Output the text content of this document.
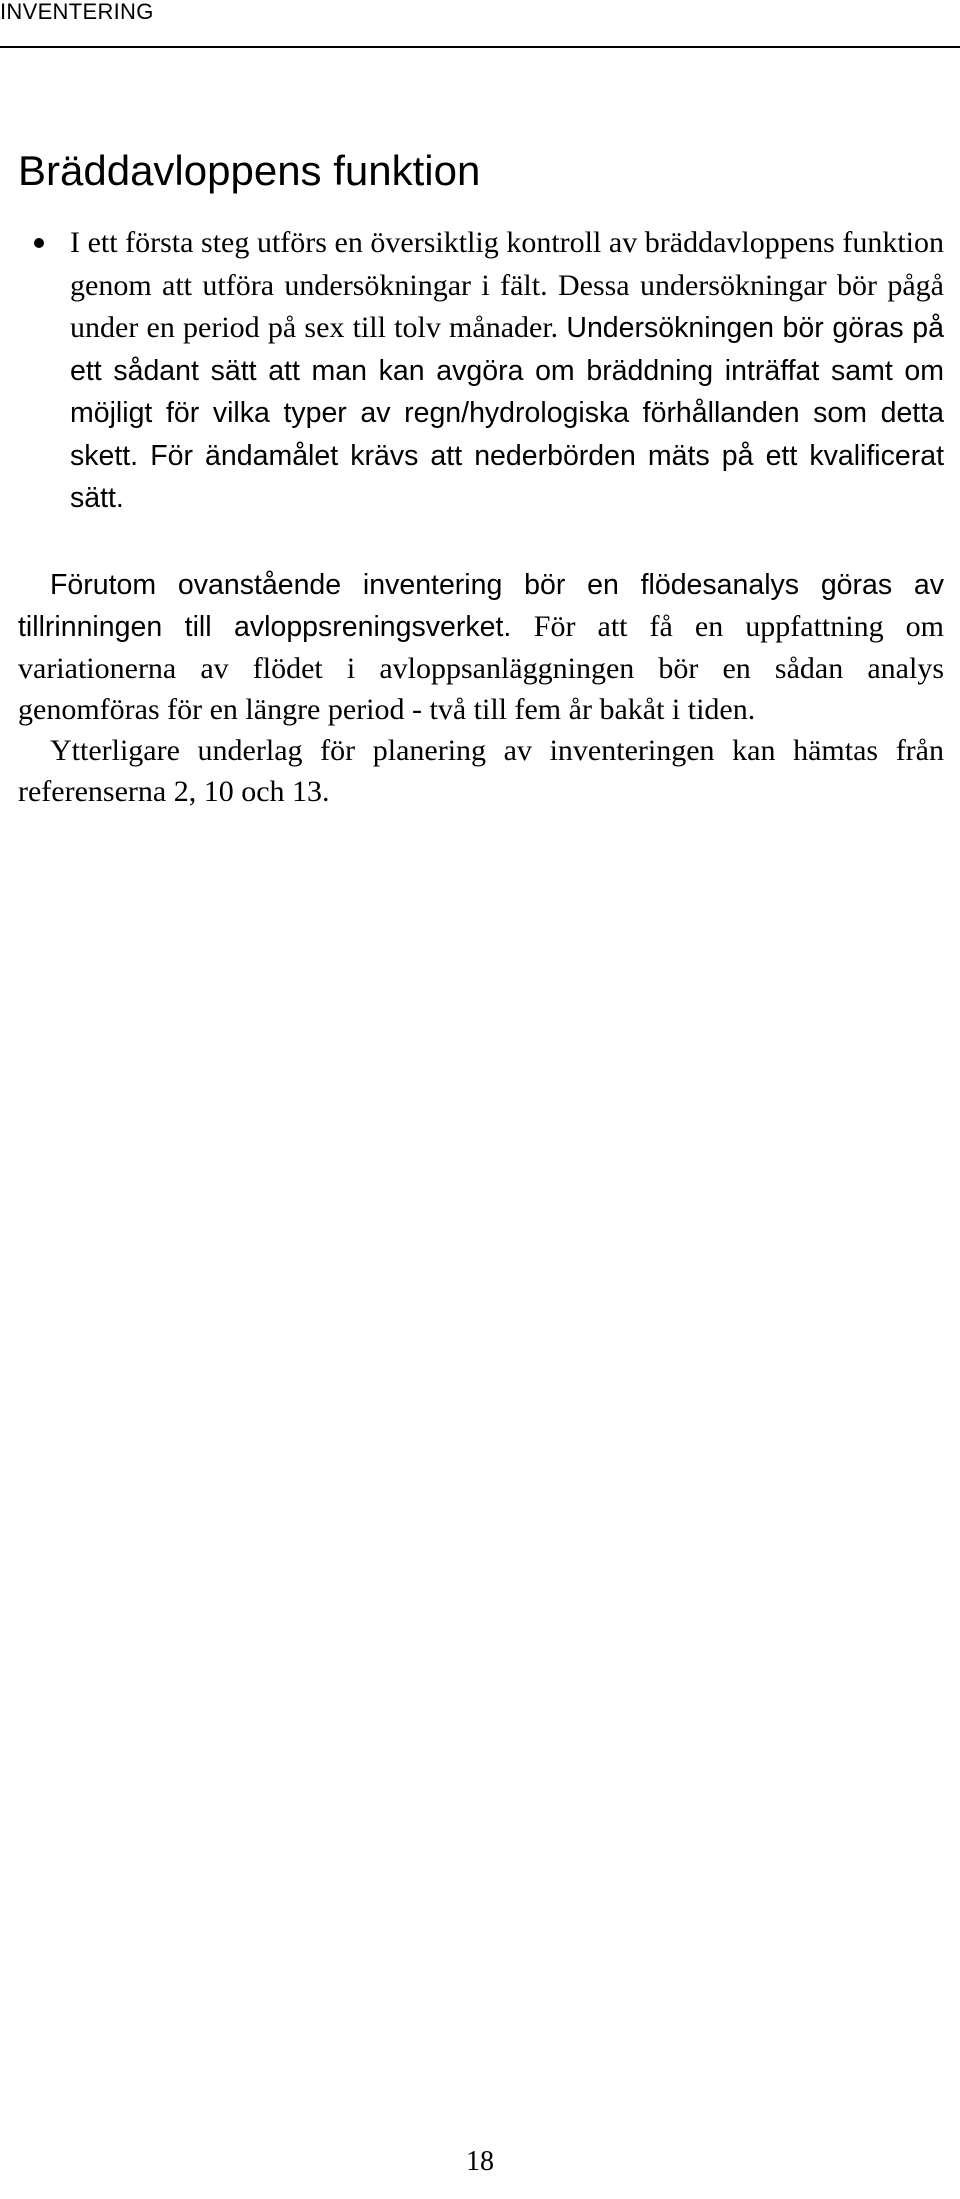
INVENTERING
Bräddavloppens funktion

I ett första steg utförs en översiktlig kontroll av bräddavloppens funktion genom att utföra undersökningar i fält. Dessa undersökningar bör pågå under en period på sex till tolv månader. Undersökningen bör göras på ett sådant sätt att man kan avgöra om bräddning inträffat samt om möjligt för vilka typer av regn/hydrologiska förhållanden som detta skett. För ändamålet krävs att nederbörden mäts på ett kvalificerat sätt.

Förutom ovanstående inventering bör en flödesanalys göras av tillrinningen till avloppsreningsverket. För att få en uppfattning om variationerna av flödet i avloppsanläggningen bör en sådan analys genomföras för en längre period - två till fem år bakåt i tiden.

Ytterligare underlag för planering av inventeringen kan hämtas från referenserna 2, 10 och 13.

18
